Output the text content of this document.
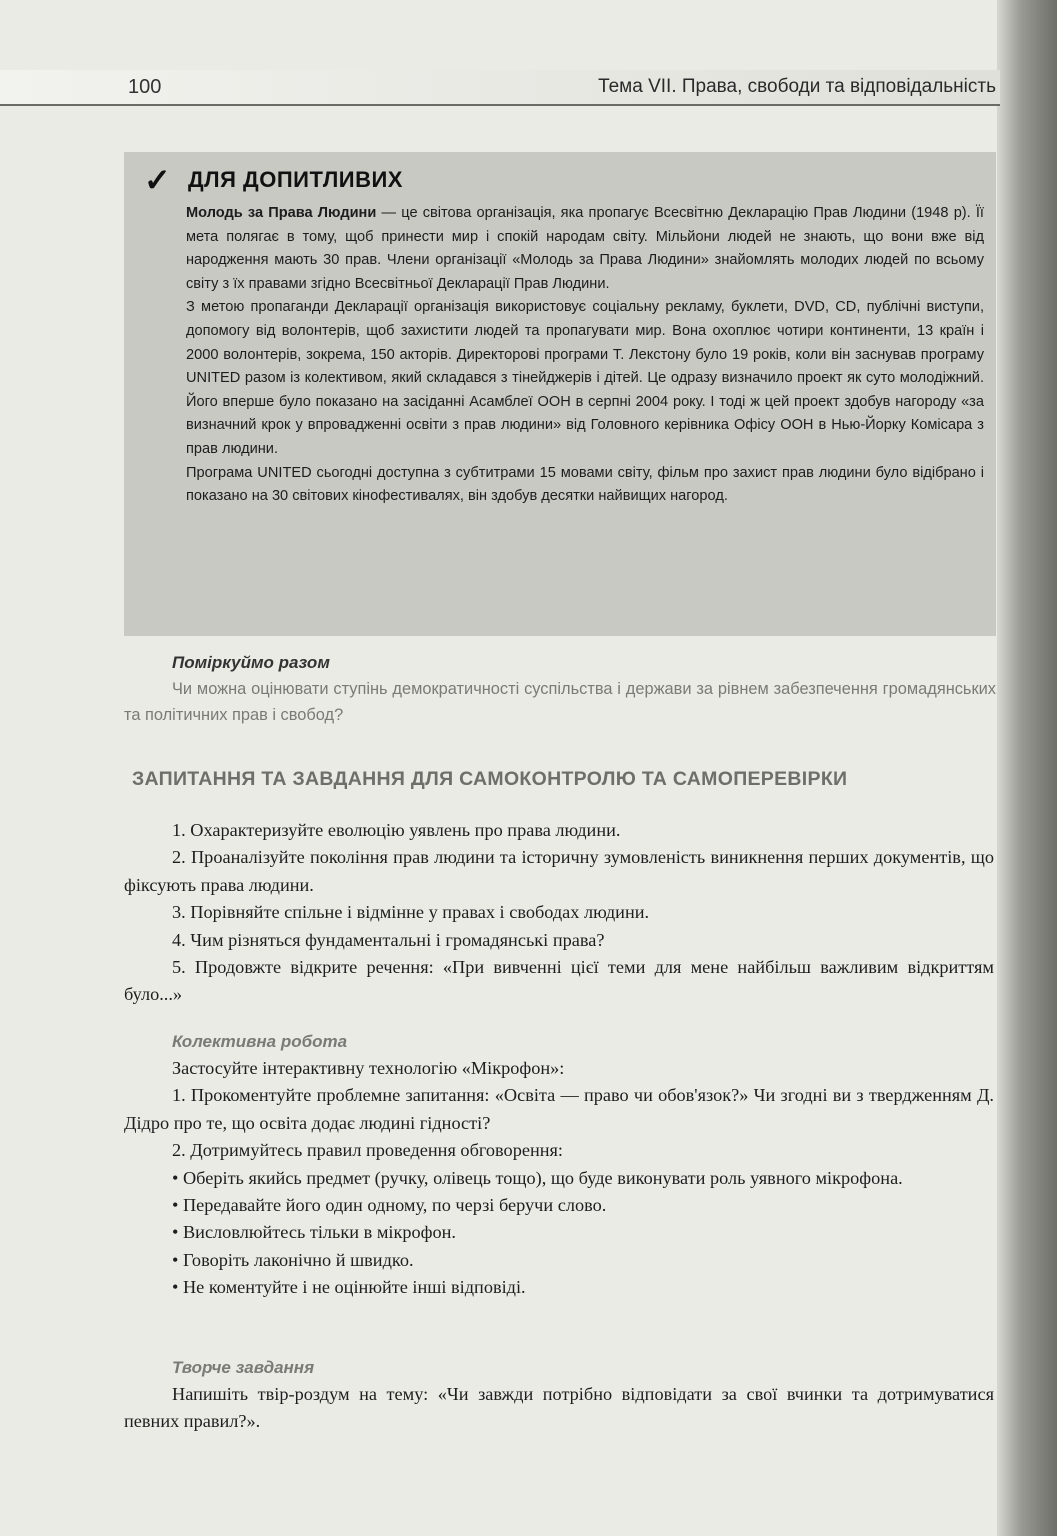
100	Тема VII. Права, свободи та відповідальність
✓ ДЛЯ ДОПИТЛИВИХ

Молодь за Права Людини — це світова організація, яка пропагує Всесвітню Декларацію Прав Людини (1948 р). Її мета полягає в тому, щоб принести мир і спокій народам світу. Мільйони людей не знають, що вони вже від народження мають 30 прав. Члени організації «Молодь за Права Людини» знайомлять молодих людей по всьому світу з їх правами згідно Всесвітньої Декларації Прав Людини.

З метою пропаганди Декларації організація використовує соціальну рекламу, буклети, DVD, CD, публічні виступи, допомогу від волонтерів, щоб захистити людей та пропагувати мир. Вона охоплює чотири континенти, 13 країн і 2000 волонтерів, зокрема, 150 акторів. Директорові програми Т. Лекстону було 19 років, коли він заснував програму UNITED разом із колективом, який складався з тінейджерів і дітей. Це одразу визначило проект як суто молодіжний. Його вперше було показано на засіданні Асамблеї ООН в серпні 2004 року. І тоді ж цей проект здобув нагороду «за визначний крок у впровадженні освіти з прав людини» від Головного керівника Офісу ООН в Нью-Йорку Комісара з прав людини.

Програма UNITED сьогодні доступна з субтитрами 15 мовами світу, фільм про захист прав людини було відібрано і показано на 30 світових кінофестивалях, він здобув десятки найвищих нагород.

Поміркуймо разом

Чи можна оцінювати ступінь демократичності суспільства і держави за рівнем забезпечення громадянських та політичних прав і свобод?

ЗАПИТАННЯ ТА ЗАВДАННЯ ДЛЯ САМОКОНТРОЛЮ ТА САМОПЕРЕВІРКИ

1. Охарактеризуйте еволюцію уявлень про права людини.

2. Проаналізуйте покоління прав людини та історичну зумовленість виникнення перших документів, що фіксують права людини.

3. Порівняйте спільне і відмінне у правах і свободах людини.

4. Чим різняться фундаментальні і громадянські права?

5. Продовжте відкрите речення: «При вивченні цієї теми для мене найбільш важливим відкриттям було...»

Колективна робота

Застосуйте інтерактивну технологію «Мікрофон»:

1. Прокоментуйте проблемне запитання: «Освіта — право чи обов'язок?» Чи згодні ви з твердженням Д. Дідро про те, що освіта додає людині гідності?

2. Дотримуйтесь правил проведення обговорення:

• Оберіть якийсь предмет (ручку, олівець тощо), що буде виконувати роль уявного мікрофона.

• Передавайте його один одному, по черзі беручи слово.

• Висловлюйтесь тільки в мікрофон.

• Говоріть лаконічно й швидко.

• Не коментуйте і не оцінюйте інші відповіді.

Творче завдання

Напишіть твір-роздум на тему: «Чи завжди потрібно відповідати за свої вчинки та дотримуватися певних правил?».
